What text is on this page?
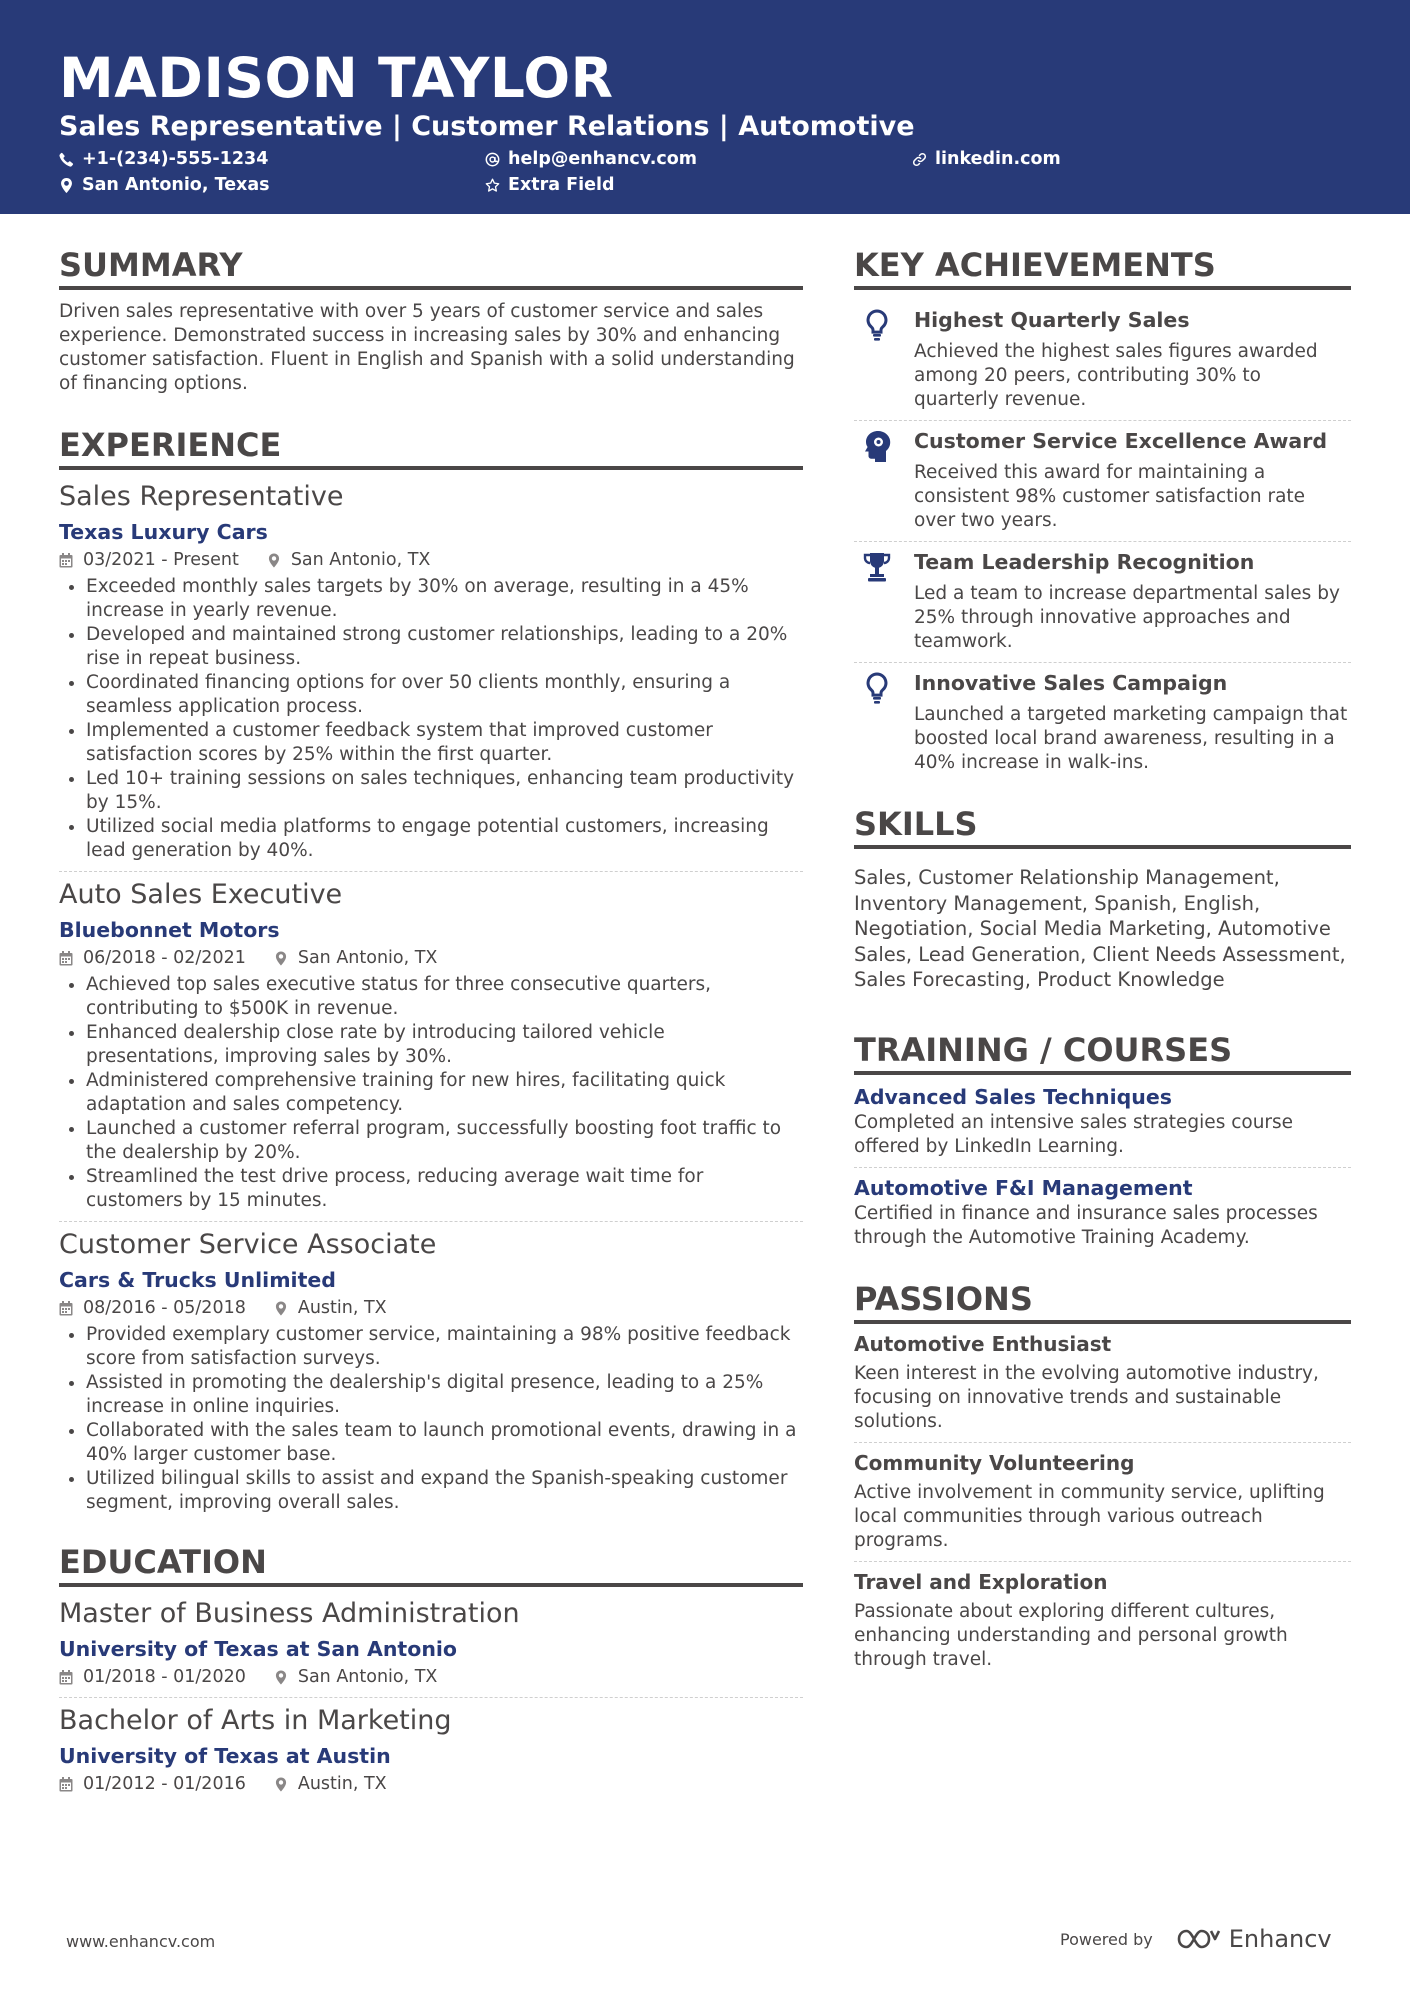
MADISON TAYLOR
Sales Representative | Customer Relations | Automotive
+1-(234)-555-1234
San Antonio, Texas
help@enhancv.com
Extra Field
linkedin.com
SUMMARY
Driven sales representative with over 5 years of customer service and sales experience. Demonstrated success in increasing sales by 30% and enhancing customer satisfaction. Fluent in English and Spanish with a solid understanding of financing options.
EXPERIENCE
Sales Representative
Texas Luxury Cars
03/2021 - Present	San Antonio, TX
Exceeded monthly sales targets by 30% on average, resulting in a 45% increase in yearly revenue.
Developed and maintained strong customer relationships, leading to a 20% rise in repeat business.
Coordinated financing options for over 50 clients monthly, ensuring a seamless application process.
Implemented a customer feedback system that improved customer satisfaction scores by 25% within the first quarter.
Led 10+ training sessions on sales techniques, enhancing team productivity by 15%.
Utilized social media platforms to engage potential customers, increasing lead generation by 40%.
Auto Sales Executive
Bluebonnet Motors
06/2018 - 02/2021	San Antonio, TX
Achieved top sales executive status for three consecutive quarters, contributing to $500K in revenue.
Enhanced dealership close rate by introducing tailored vehicle presentations, improving sales by 30%.
Administered comprehensive training for new hires, facilitating quick adaptation and sales competency.
Launched a customer referral program, successfully boosting foot traffic to the dealership by 20%.
Streamlined the test drive process, reducing average wait time for customers by 15 minutes.
Customer Service Associate
Cars & Trucks Unlimited
08/2016 - 05/2018	Austin, TX
Provided exemplary customer service, maintaining a 98% positive feedback score from satisfaction surveys.
Assisted in promoting the dealership's digital presence, leading to a 25% increase in online inquiries.
Collaborated with the sales team to launch promotional events, drawing in a 40% larger customer base.
Utilized bilingual skills to assist and expand the Spanish-speaking customer segment, improving overall sales.
EDUCATION
Master of Business Administration
University of Texas at San Antonio
01/2018 - 01/2020	San Antonio, TX
Bachelor of Arts in Marketing
University of Texas at Austin
01/2012 - 01/2016	Austin, TX
KEY ACHIEVEMENTS
Highest Quarterly Sales
Achieved the highest sales figures awarded among 20 peers, contributing 30% to quarterly revenue.
Customer Service Excellence Award
Received this award for maintaining a consistent 98% customer satisfaction rate over two years.
Team Leadership Recognition
Led a team to increase departmental sales by 25% through innovative approaches and teamwork.
Innovative Sales Campaign
Launched a targeted marketing campaign that boosted local brand awareness, resulting in a 40% increase in walk-ins.
SKILLS
Sales, Customer Relationship Management, Inventory Management, Spanish, English, Negotiation, Social Media Marketing, Automotive Sales, Lead Generation, Client Needs Assessment, Sales Forecasting, Product Knowledge
TRAINING / COURSES
Advanced Sales Techniques
Completed an intensive sales strategies course offered by LinkedIn Learning.
Automotive F&I Management
Certified in finance and insurance sales processes through the Automotive Training Academy.
PASSIONS
Automotive Enthusiast
Keen interest in the evolving automotive industry, focusing on innovative trends and sustainable solutions.
Community Volunteering
Active involvement in community service, uplifting local communities through various outreach programs.
Travel and Exploration
Passionate about exploring different cultures, enhancing understanding and personal growth through travel.
www.enhancv.com	Powered by	Enhancv
